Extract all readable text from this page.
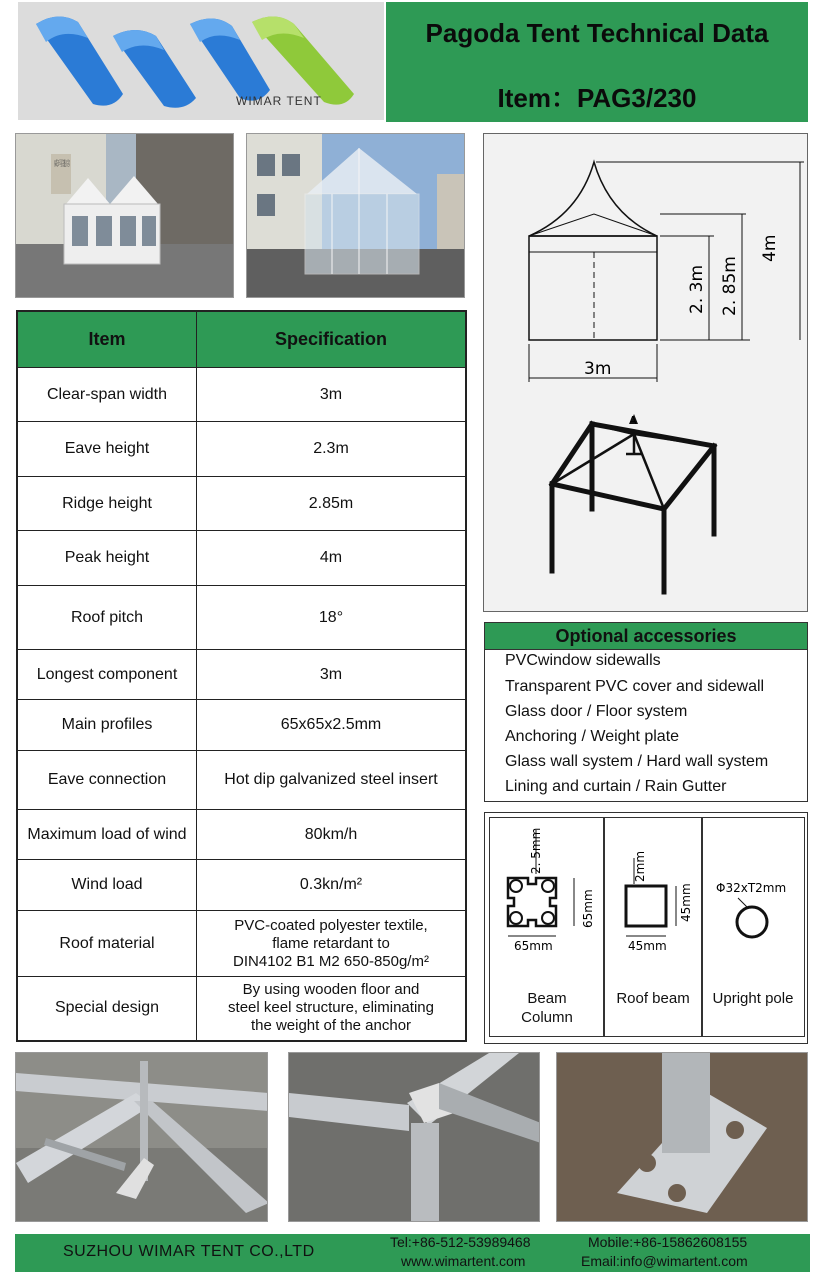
WIMAR TENT
Pagoda Tent Technical Data
Item：PAG3/230
Item	Specification
Clear-span width	3m
Eave height	2.3m
Ridge height	2.85m
Peak height	4m
Roof pitch	18°
Longest component	3m
Main profiles	65x65x2.5mm
Eave connection	Hot dip galvanized steel insert
Maximum load of wind	80km/h
Wind load	0.3kn/m²
Roof material	PVC-coated polyester textile,
flame retardant to
DIN4102 B1 M2 650-850g/m²

Special design	By using wooden floor and
steel keel structure, eliminating
the weight of the anchor
3m
2. 3m 2. 85m
4m
A
Optional accessories
PVCwindow sidewalls
Transparent PVC cover and sidewall
Glass door / Floor system
Anchoring / Weight plate
Glass wall system / Hard wall system
Lining and curtain / Rain Gutter
2. 5mm
65mm
65mm
Beam
Column
2mm
45mm
45mm
Roof beam
Φ32xT2mm
Upright pole
SUZHOU WIMAR TENT CO.,LTD
Tel:+86-512-53989468
www.wimartent.com
Mobile:+86-15862608155
Email:info@wimartent.com
